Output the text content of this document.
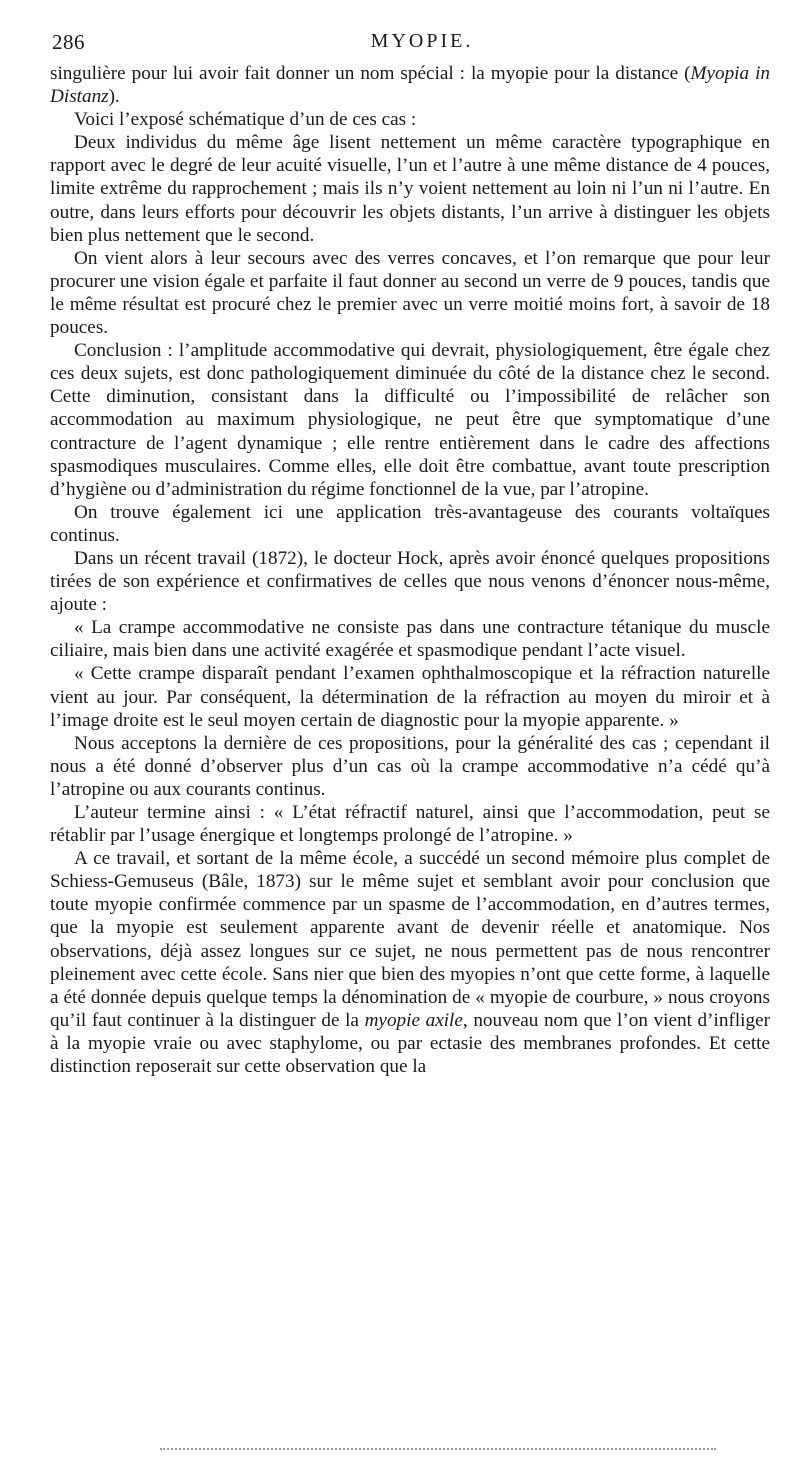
286	MYOPIE.

singulière pour lui avoir fait donner un nom spécial : la myopie pour la distance (Myopia in Distanz).

Voici l’exposé schématique d’un de ces cas :

Deux individus du même âge lisent nettement un même caractère typographique en rapport avec le degré de leur acuité visuelle, l’un et l’autre à une même distance de 4 pouces, limite extrême du rapprochement ; mais ils n’y voient nettement au loin ni l’un ni l’autre. En outre, dans leurs efforts pour découvrir les objets distants, l’un arrive à distinguer les objets bien plus nettement que le second.

On vient alors à leur secours avec des verres concaves, et l’on remarque que pour leur procurer une vision égale et parfaite il faut donner au second un verre de 9 pouces, tandis que le même résultat est procuré chez le premier avec un verre moitié moins fort, à savoir de 18 pouces.

Conclusion : l’amplitude accommodative qui devrait, physiologiquement, être égale chez ces deux sujets, est donc pathologiquement diminuée du côté de la distance chez le second. Cette diminution, consistant dans la difficulté ou l’impossibilité de relâcher son accommodation au maximum physiologique, ne peut être que symptomatique d’une contracture de l’agent dynamique ; elle rentre entièrement dans le cadre des affections spasmodiques musculaires. Comme elles, elle doit être combattue, avant toute prescription d’hygiène ou d’administration du régime fonctionnel de la vue, par l’atropine.

On trouve également ici une application très-avantageuse des courants voltaïques continus.

Dans un récent travail (1872), le docteur Hock, après avoir énoncé quelques propositions tirées de son expérience et confirmatives de celles que nous venons d’énoncer nous-même, ajoute :

« La crampe accommodative ne consiste pas dans une contracture tétanique du muscle ciliaire, mais bien dans une activité exagérée et spasmodique pendant l’acte visuel.

« Cette crampe disparaît pendant l’examen ophthalmoscopique et la réfraction naturelle vient au jour. Par conséquent, la détermination de la réfraction au moyen du miroir et à l’image droite est le seul moyen certain de diagnostic pour la myopie apparente. »

Nous acceptons la dernière de ces propositions, pour la généralité des cas ; cependant il nous a été donné d’observer plus d’un cas où la crampe accommodative n’a cédé qu’à l’atropine ou aux courants continus.

L’auteur termine ainsi : « L’état réfractif naturel, ainsi que l’accommodation, peut se rétablir par l’usage énergique et longtemps prolongé de l’atropine. »

A ce travail, et sortant de la même école, a succédé un second mémoire plus complet de Schiess-Gemuseus (Bâle, 1873) sur le même sujet et semblant avoir pour conclusion que toute myopie confirmée commence par un spasme de l’accommodation, en d’autres termes, que la myopie est seulement apparente avant de devenir réelle et anatomique. Nos observations, déjà assez longues sur ce sujet, ne nous permettent pas de nous rencontrer pleinement avec cette école. Sans nier que bien des myopies n’ont que cette forme, à laquelle a été donnée depuis quelque temps la dénomination de « myopie de courbure, » nous croyons qu’il faut continuer à la distinguer de la myopie axile, nouveau nom que l’on vient d’infliger à la myopie vraie ou avec staphylome, ou par ectasie des membranes profondes. Et cette distinction reposerait sur cette observation que la
